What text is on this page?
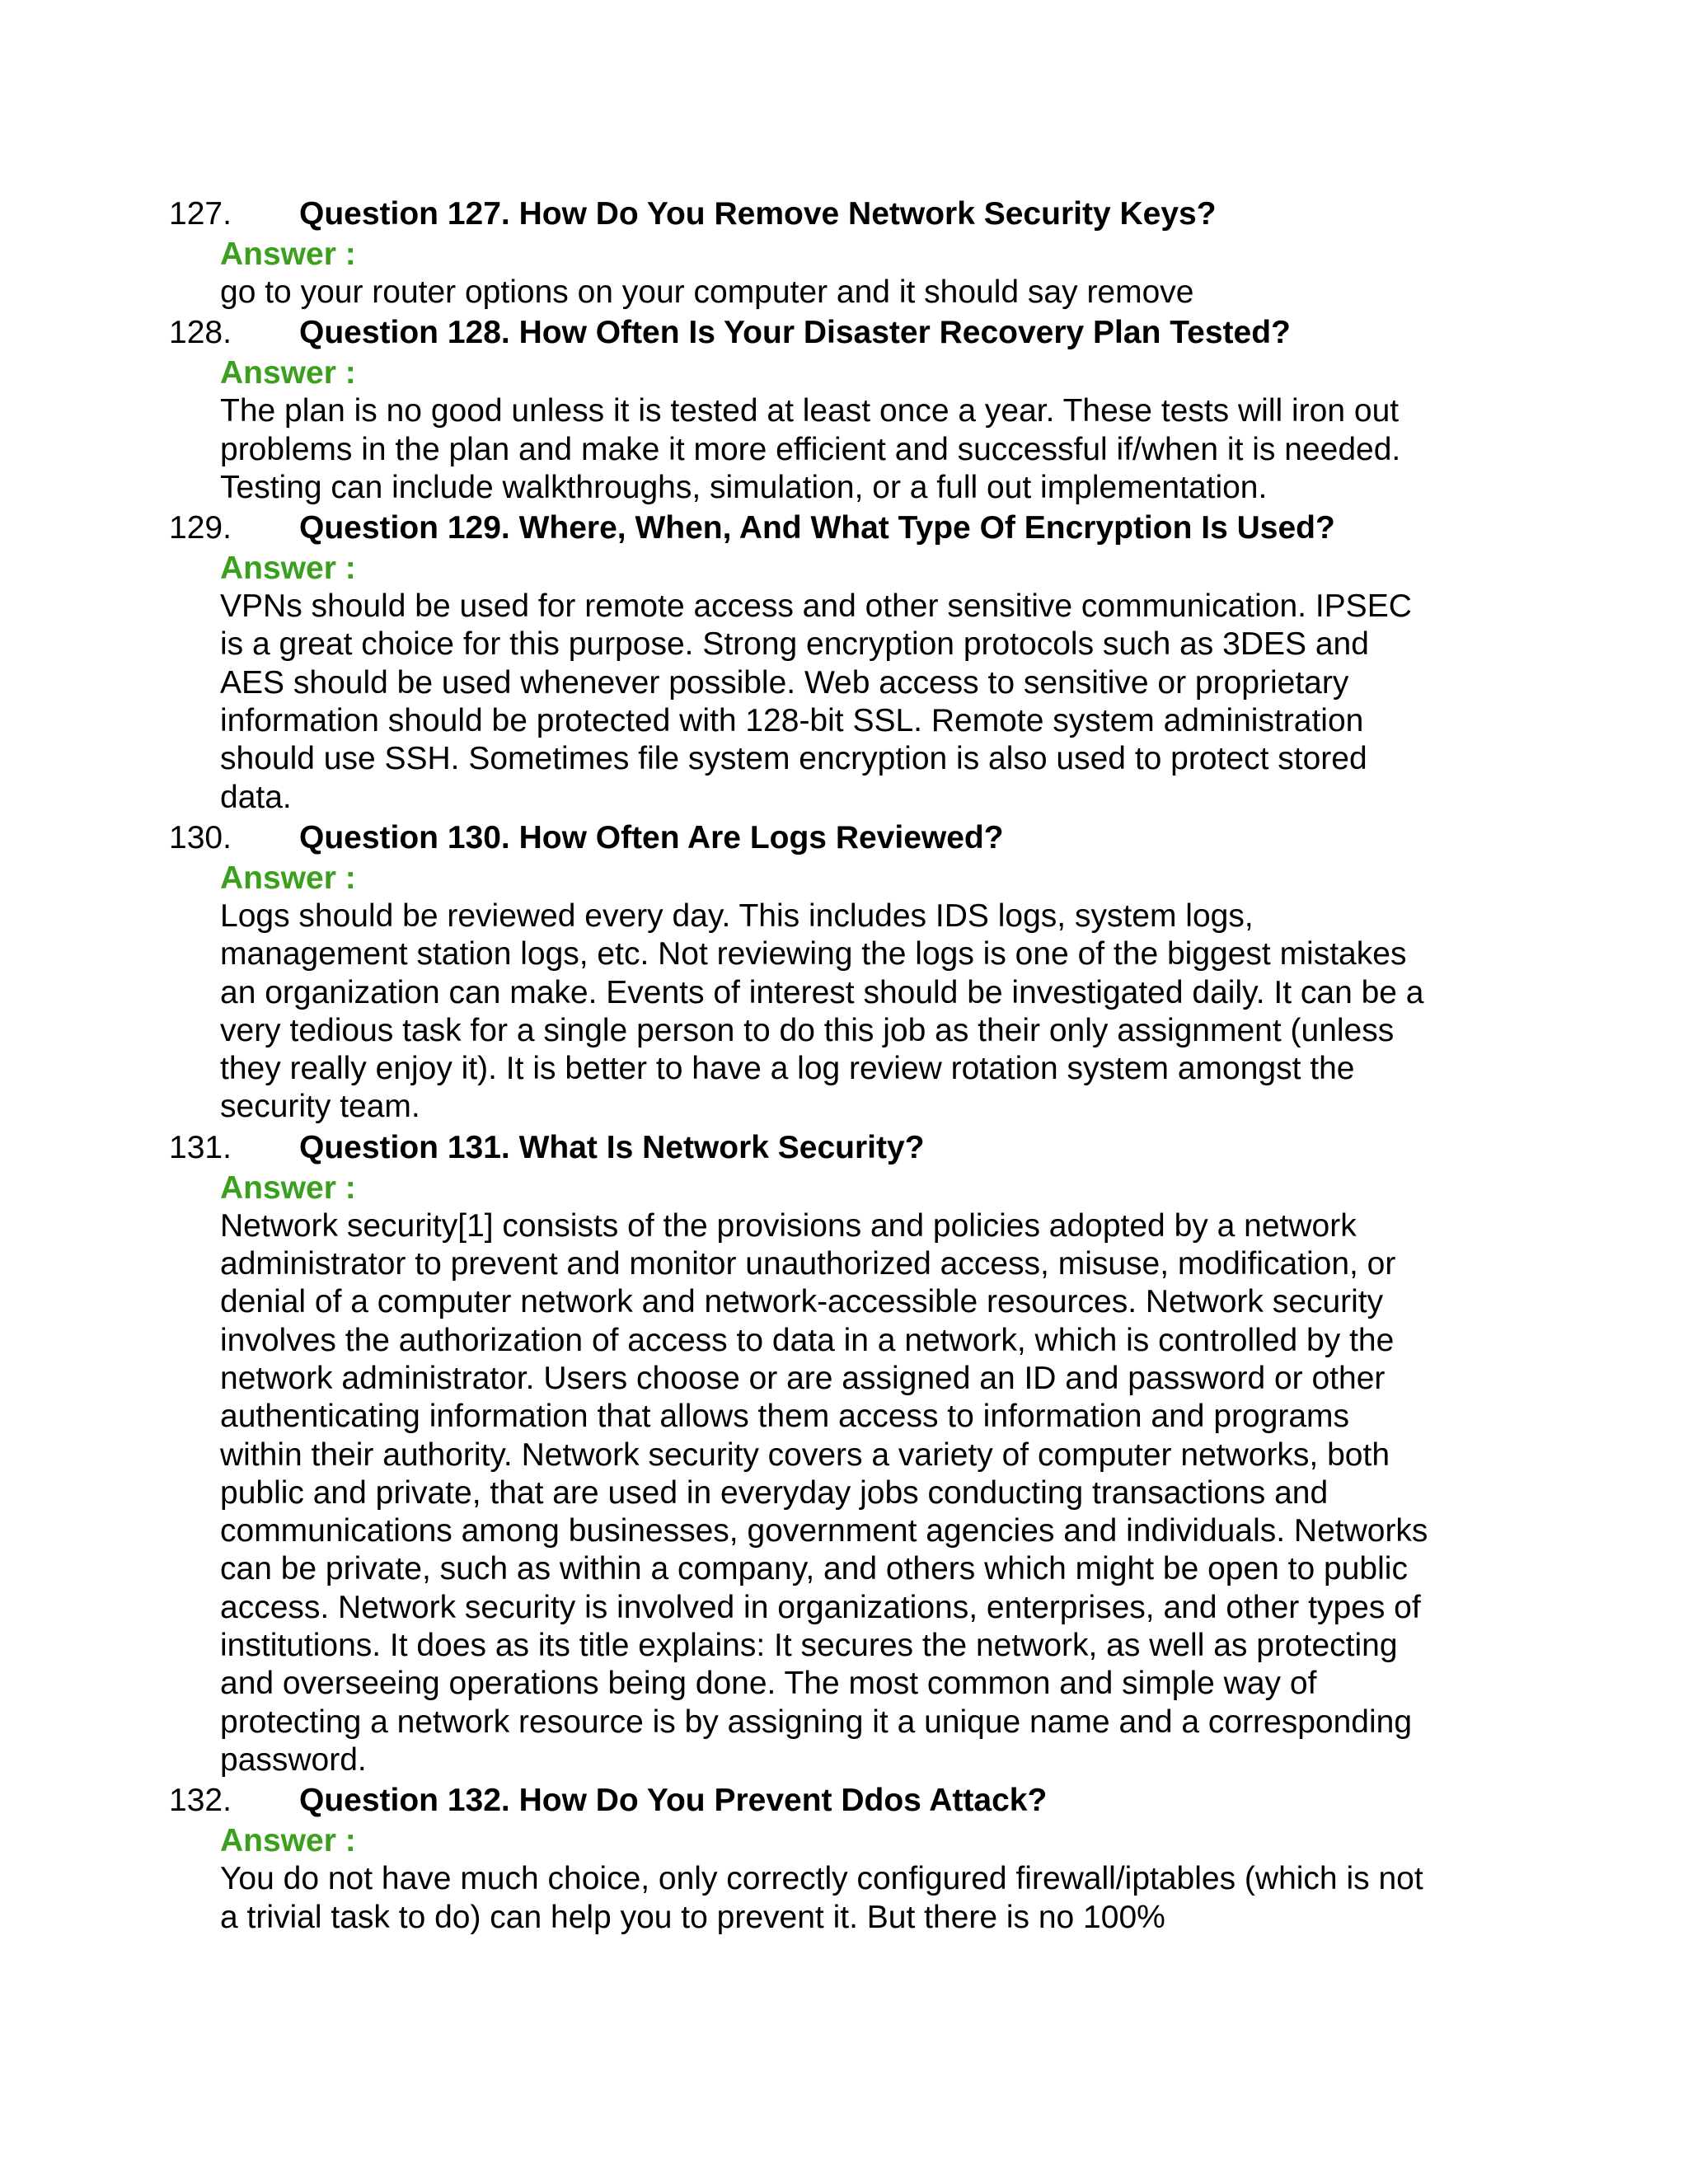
127.	Question 127. How Do You Remove Network Security Keys?
Answer :
go to your router options on your computer and it should say remove
128.	Question 128. How Often Is Your Disaster Recovery Plan Tested?
Answer :
The plan is no good unless it is tested at least once a year. These tests will iron out
problems in the plan and make it more efficient and successful if/when it is needed.
Testing can include walkthroughs, simulation, or a full out implementation.
129.	Question 129. Where, When, And What Type Of Encryption Is Used?
Answer :
VPNs should be used for remote access and other sensitive communication. IPSEC
is a great choice for this purpose. Strong encryption protocols such as 3DES and
AES should be used whenever possible. Web access to sensitive or proprietary
information should be protected with 128-bit SSL. Remote system administration
should use SSH. Sometimes file system encryption is also used to protect stored
data.
130.	Question 130. How Often Are Logs Reviewed?
Answer :
Logs should be reviewed every day. This includes IDS logs, system logs,
management station logs, etc. Not reviewing the logs is one of the biggest mistakes
an organization can make. Events of interest should be investigated daily. It can be a
very tedious task for a single person to do this job as their only assignment (unless
they really enjoy it). It is better to have a log review rotation system amongst the
security team.
131.	Question 131. What Is Network Security?
Answer :
Network security[1] consists of the provisions and policies adopted by a network
administrator to prevent and monitor unauthorized access, misuse, modification, or
denial of a computer network and network-accessible resources. Network security
involves the authorization of access to data in a network, which is controlled by the
network administrator. Users choose or are assigned an ID and password or other
authenticating information that allows them access to information and programs
within their authority. Network security covers a variety of computer networks, both
public and private, that are used in everyday jobs conducting transactions and
communications among businesses, government agencies and individuals. Networks
can be private, such as within a company, and others which might be open to public
access. Network security is involved in organizations, enterprises, and other types of
institutions. It does as its title explains: It secures the network, as well as protecting
and overseeing operations being done. The most common and simple way of
protecting a network resource is by assigning it a unique name and a corresponding
password.
132.	Question 132. How Do You Prevent Ddos Attack?
Answer :
You do not have much choice, only correctly configured firewall/iptables (which is not
a trivial task to do) can help you to prevent it. But there is no 100%
